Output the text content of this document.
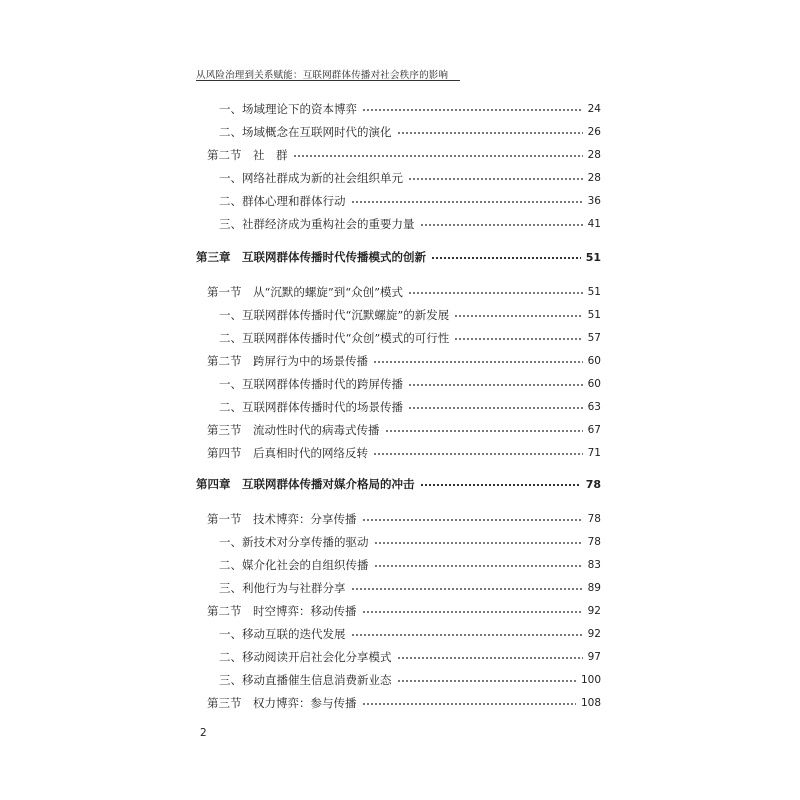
从风险治理到关系赋能：互联网群体传播对社会秩序的影响
一、场域理论下的资本博弈	24
二、场域概念在互联网时代的演化	26
第二节　社　群	28
一、网络社群成为新的社会组织单元	28
二、群体心理和群体行动	36
三、社群经济成为重构社会的重要力量	41
第三章　互联网群体传播时代传播模式的创新	51
第一节　从“沉默的螺旋”到“众创”模式	51
一、互联网群体传播时代“沉默螺旋”的新发展	51
二、互联网群体传播时代“众创”模式的可行性	57
第二节　跨屏行为中的场景传播	60
一、互联网群体传播时代的跨屏传播	60
二、互联网群体传播时代的场景传播	63
第三节　流动性时代的病毒式传播	67
第四节　后真相时代的网络反转	71
第四章　互联网群体传播对媒介格局的冲击	78
第一节　技术博弈：分享传播	78
一、新技术对分享传播的驱动	78
二、媒介化社会的自组织传播	83
三、利他行为与社群分享	89
第二节　时空博弈：移动传播	92
一、移动互联的迭代发展	92
二、移动阅读开启社会化分享模式	97
三、移动直播催生信息消费新业态	100
第三节　权力博弈：参与传播	108
2
